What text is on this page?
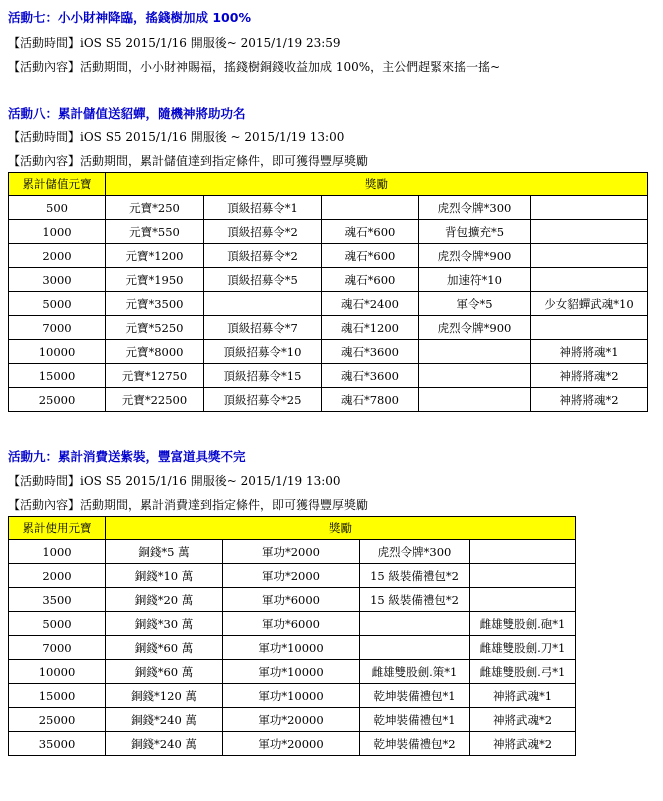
活動七：小小財神降臨，搖錢樹加成 100%
【活動時間】iOS S5 2015/1/16 開服後~ 2015/1/19 23:59
【活動內容】活動期間，小小財神賜福，搖錢樹銅錢收益加成 100%，主公們趕緊來搖一搖~
活動八：累計儲值送貂蟬，隨機神將助功名
【活動時間】iOS S5 2015/1/16 開服後 ~ 2015/1/19 13:00
【活動內容】活動期間，累計儲值達到指定條件，即可獲得豐厚獎勵
累計儲值元寶	獎勵				
500	元寶*250	頂級招募令*1		虎烈令牌*300	
1000	元寶*550	頂級招募令*2	魂石*600	背包擴充*5	
2000	元寶*1200	頂級招募令*2	魂石*600	虎烈令牌*900	
3000	元寶*1950	頂級招募令*5	魂石*600	加速符*10	
5000	元寶*3500		魂石*2400	軍令*5	少女貂蟬武魂*10
7000	元寶*5250	頂級招募令*7	魂石*1200	虎烈令牌*900	
10000	元寶*8000	頂級招募令*10	魂石*3600		神將將魂*1
15000	元寶*12750	頂級招募令*15	魂石*3600		神將將魂*2
25000	元寶*22500	頂級招募令*25	魂石*7800		神將將魂*2
活動九：累計消費送紫裝，豐富道具獎不完
【活動時間】iOS S5 2015/1/16 開服後~ 2015/1/19 13:00
【活動內容】活動期間，累計消費達到指定條件，即可獲得豐厚獎勵
累計使用元寶	獎勵			
1000	銅錢*5 萬	軍功*2000	虎烈令牌*300	
2000	銅錢*10 萬	軍功*2000	15 級裝備禮包*2	
3500	銅錢*20 萬	軍功*6000	15 級裝備禮包*2	
5000	銅錢*30 萬	軍功*6000		雌雄雙股劍.砲*1
7000	銅錢*60 萬	軍功*10000		雌雄雙股劍.刀*1
10000	銅錢*60 萬	軍功*10000	雌雄雙股劍.策*1	雌雄雙股劍.弓*1
15000	銅錢*120 萬	軍功*10000	乾坤裝備禮包*1	神將武魂*1
25000	銅錢*240 萬	軍功*20000	乾坤裝備禮包*1	神將武魂*2
35000	銅錢*240 萬	軍功*20000	乾坤裝備禮包*2	神將武魂*2
